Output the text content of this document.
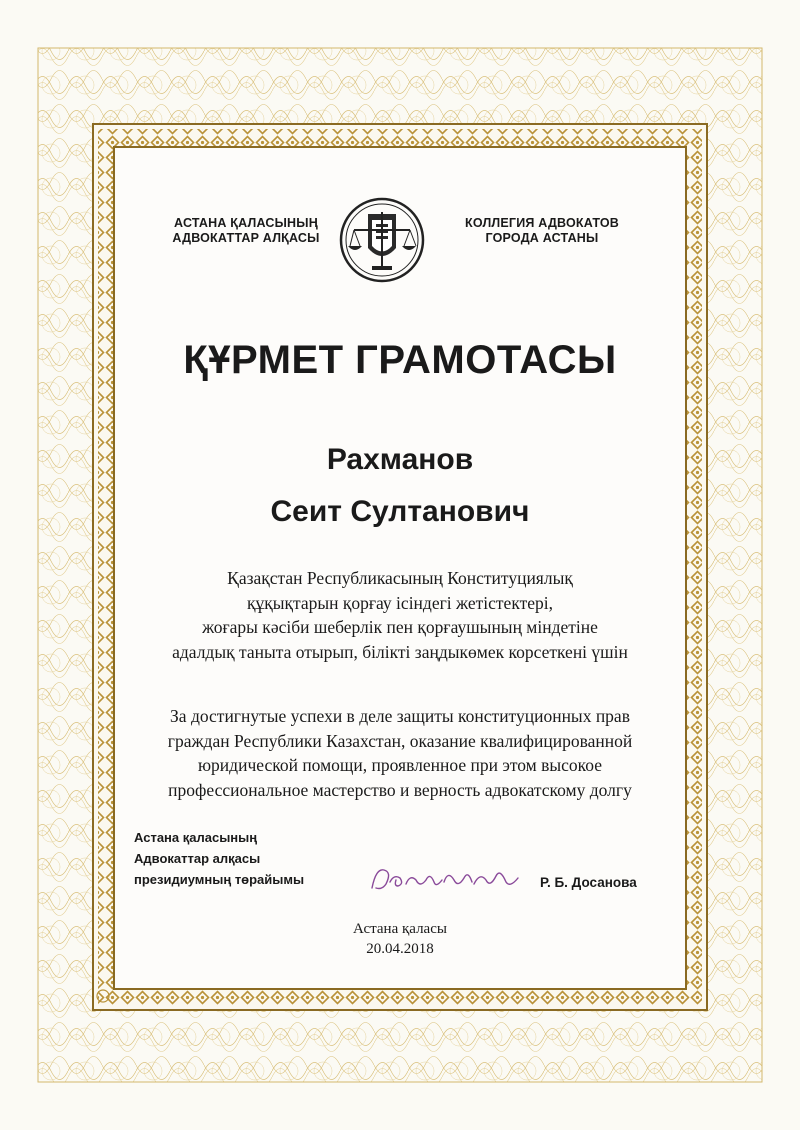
АСТАНА ҚАЛАСЫНЫҢ
АДВОКАТТАР АЛҚАСЫ
КОЛЛЕГИЯ АДВОКАТОВ
ГОРОДА АСТАНЫ
ҚҰРМЕТ ГРАМОТАСЫ
Рахманов
Сеит Султанович
Қазақстан Республикасының Конституциялық
құқықтарын қорғау ісіндегі жетістектері,
жоғары кәсіби шеберлік пен қорғаушының міндетіне
адалдық таныта отырып, білікті заңдыкөмек корсеткені үшін
За достигнутые успехи в деле защиты конституционных прав
граждан Республики Казахстан, оказание квалифицированной
юридической помощи, проявленное при этом высокое
профессиональное мастерство и верность адвокатскому долгу
Астана қаласының
Адвокаттар алқасы
президиумның төрайымы	Р. Б. Досанова
Астана қаласы
20.04.2018
